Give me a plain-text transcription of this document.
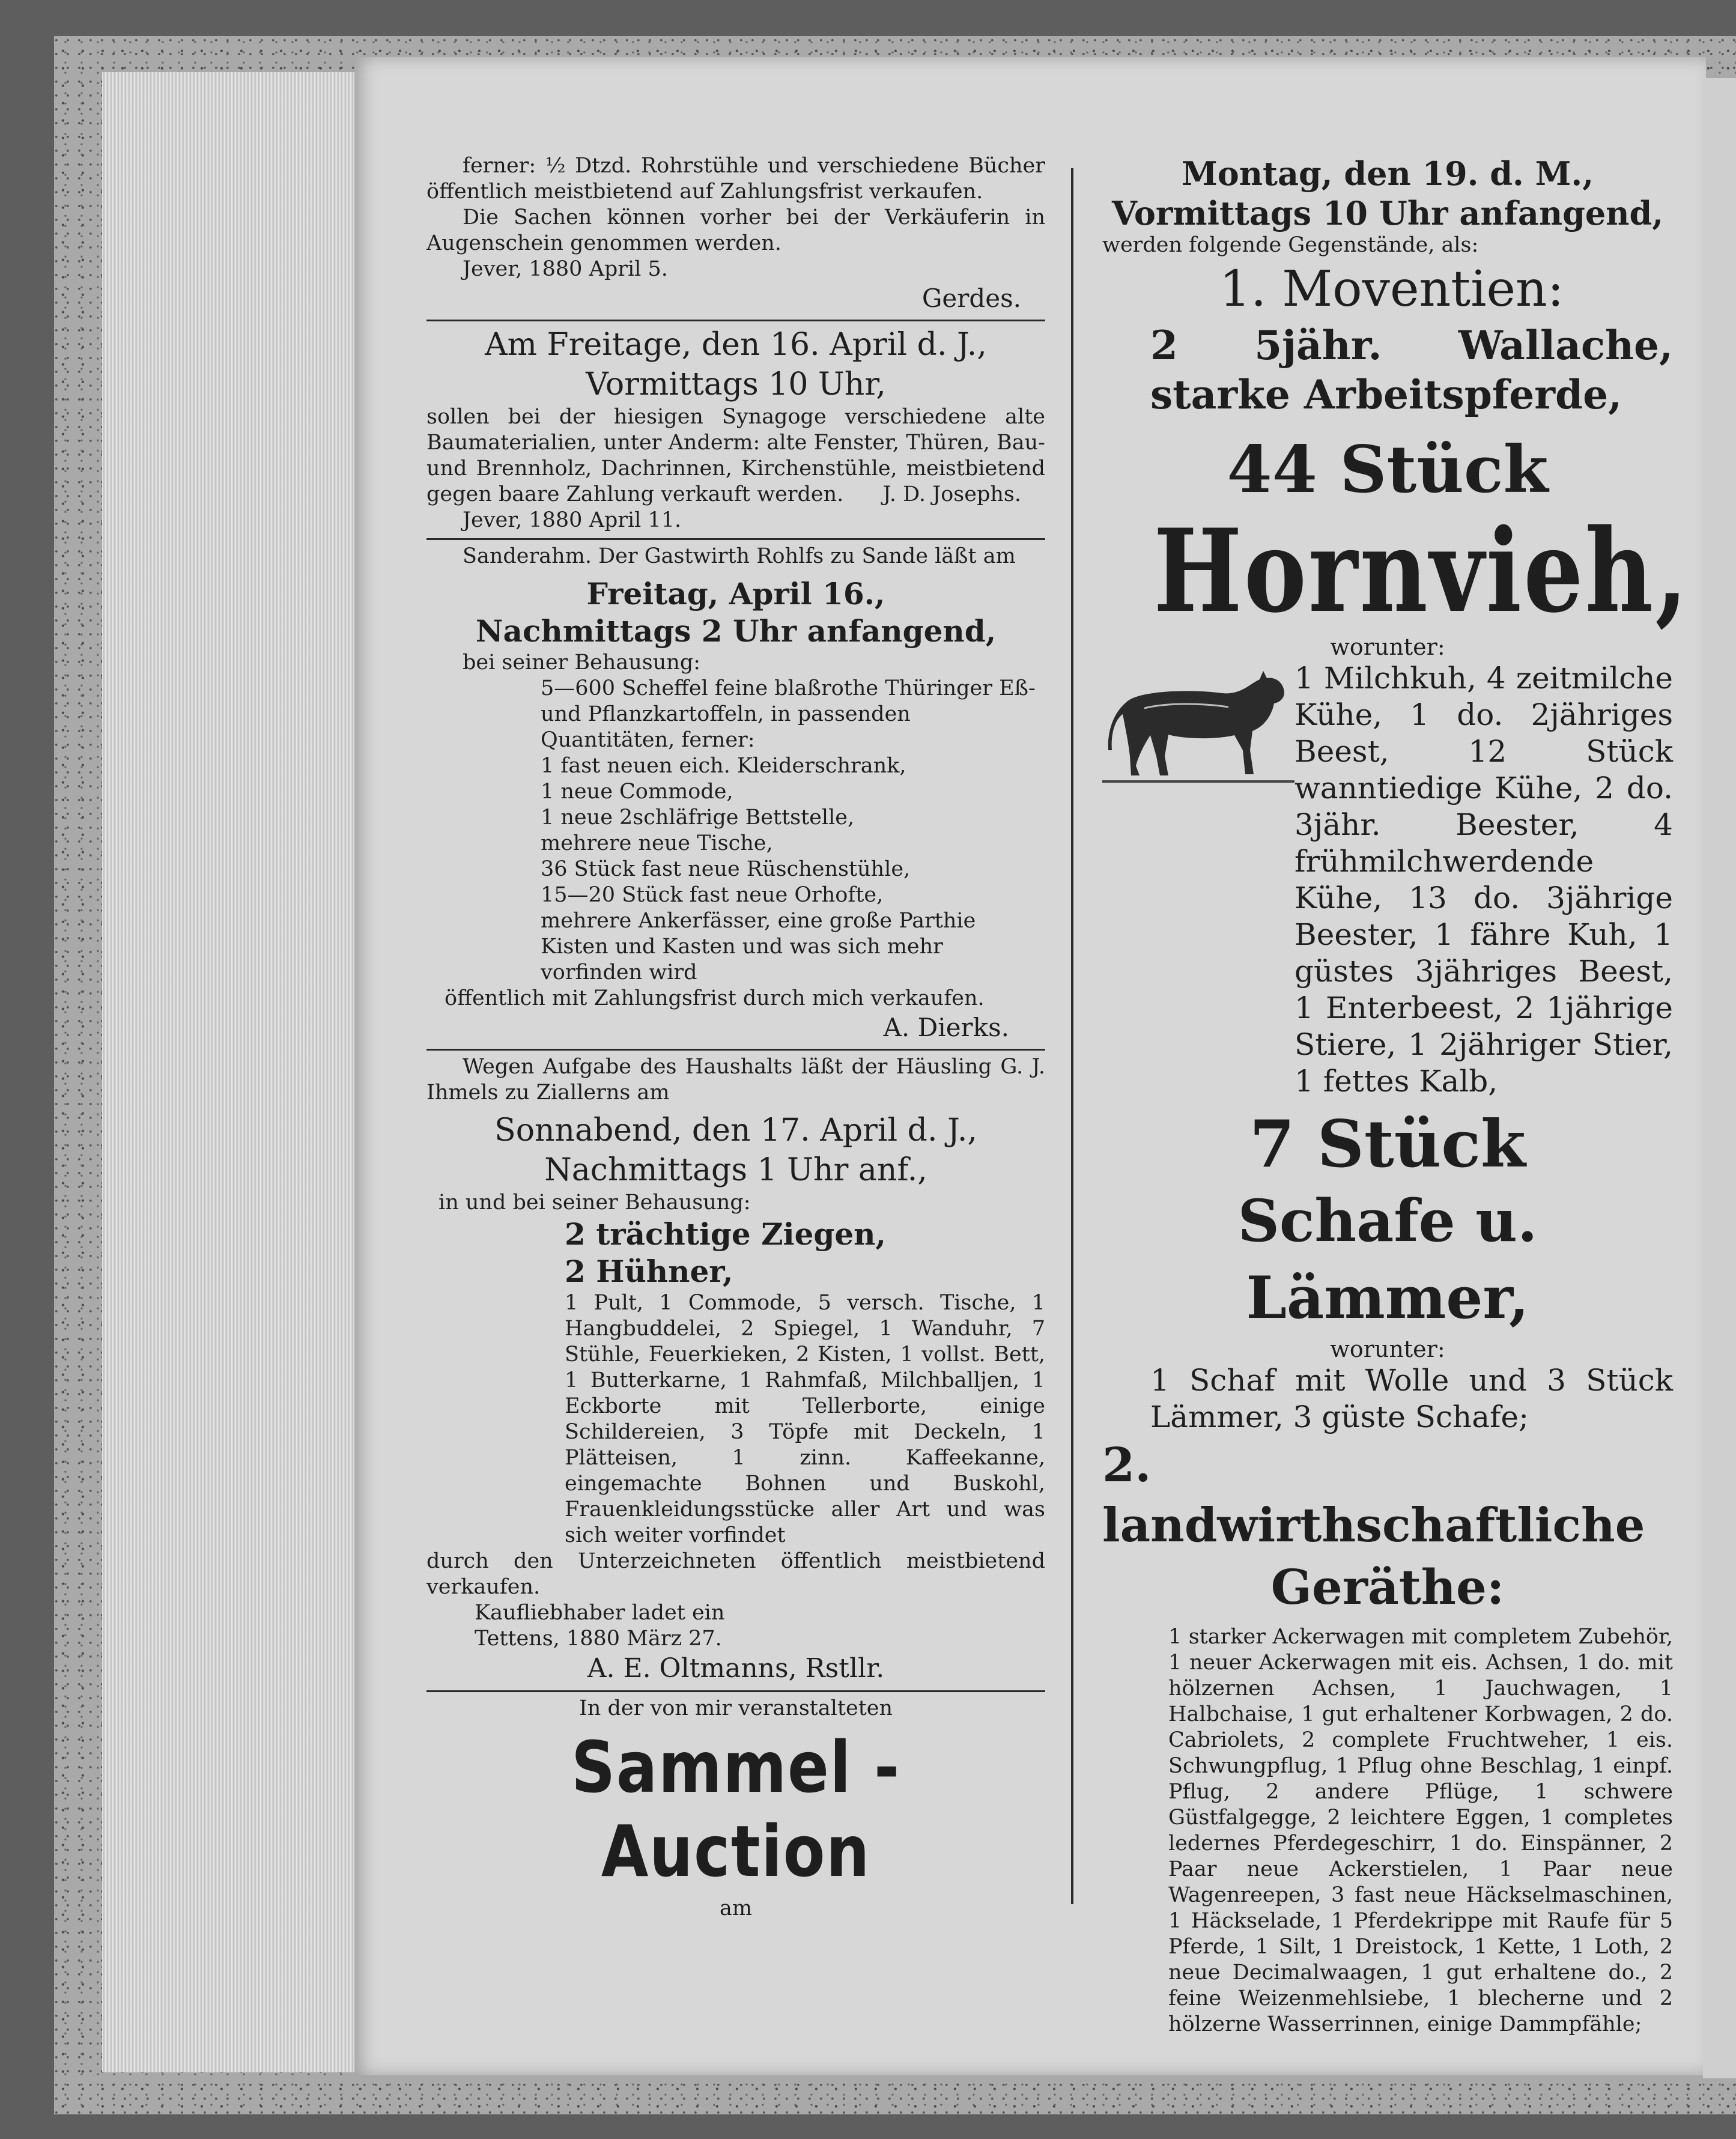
ferner: ½ Dtzd. Rohrstühle und verschiedene Bücher öffentlich meistbietend auf Zahlungsfrist verkaufen.

Die Sachen können vorher bei der Verkäuferin in Augenschein genommen werden.

Jever, 1880 April 5.

Gerdes.

Am Freitage, den 16. April d. J.,

Vormittags 10 Uhr,

sollen bei der hiesigen Synagoge verschiedene alte Baumaterialien, unter Anderm: alte Fenster, Thüren, Bau- und Brennholz, Dachrinnen, Kirchenstühle, meistbietend gegen baare Zahlung verkauft werden.	J. D. Josephs.

Jever, 1880 April 11.

Sanderahm. Der Gastwirth Rohlfs zu Sande läßt am

Freitag, April 16.,

Nachmittags 2 Uhr anfangend,

bei seiner Behausung:

5—600 Scheffel feine blaßrothe Thüringer Eß- und Pflanzkartoffeln, in passenden Quantitäten, ferner:

1 fast neuen eich. Kleiderschrank,

1 neue Commode,

1 neue 2schläfrige Bettstelle,

mehrere neue Tische,

36 Stück fast neue Rüschenstühle,

15—20 Stück fast neue Orhofte,

mehrere Ankerfässer, eine große Parthie Kisten und Kasten und was sich mehr vorfinden wird

öffentlich mit Zahlungsfrist durch mich verkaufen.

A. Dierks.

Wegen Aufgabe des Haushalts läßt der Häusling G. J. Ihmels zu Ziallerns am

Sonnabend, den 17. April d. J.,

Nachmittags 1 Uhr anf.,

in und bei seiner Behausung:

2 trächtige Ziegen,

2 Hühner,

1 Pult, 1 Commode, 5 versch. Tische, 1 Hangbuddelei, 2 Spiegel, 1 Wanduhr, 7 Stühle, Feuerkieken, 2 Kisten, 1 vollst. Bett, 1 Butterkarne, 1 Rahmfaß, Milchballjen, 1 Eckborte mit Tellerborte, einige Schildereien, 3 Töpfe mit Deckeln, 1 Plätteisen, 1 zinn. Kaffeekanne, eingemachte Bohnen und Buskohl, Frauenkleidungsstücke aller Art und was sich weiter vorfindet

durch den Unterzeichneten öffentlich meistbietend verkaufen.

Kaufliebhaber ladet ein

Tettens, 1880 März 27.

A. E. Oltmanns, Rstllr.

In der von mir veranstalteten

Sammel - Auction

am

Montag, den 19. d. M.,

Vormittags 10 Uhr anfangend,

werden folgende Gegenstände, als:

1. Moventien:

2 5jähr. Wallache, starke Arbeitspferde,

44 Stück

Hornvieh,

worunter:

1 Milchkuh, 4 zeitmilche Kühe, 1 do. 2jähriges Beest, 12 Stück wanntiedige Kühe, 2 do. 3jähr. Beester, 4 frühmilchwerdende Kühe, 13 do. 3jährige Beester, 1 fähre Kuh, 1 güstes 3jähriges Beest, 1 Enterbeest, 2 1jährige Stiere, 1 2jähriger Stier, 1 fettes Kalb,

7 Stück

Schafe u. Lämmer,

worunter:

1 Schaf mit Wolle und 3 Stück Lämmer, 3 güste Schafe;

2. landwirthschaftliche

Geräthe:

1 starker Ackerwagen mit completem Zubehör, 1 neuer Ackerwagen mit eis. Achsen, 1 do. mit hölzernen Achsen, 1 Jauchwagen, 1 Halbchaise, 1 gut erhaltener Korbwagen, 2 do. Cabriolets, 2 complete Fruchtweher, 1 eis. Schwungpflug, 1 Pflug ohne Beschlag, 1 einpf. Pflug, 2 andere Pflüge, 1 schwere Güstfalgegge, 2 leichtere Eggen, 1 completes ledernes Pferdegeschirr, 1 do. Einspänner, 2 Paar neue Ackerstielen, 1 Paar neue Wagenreepen, 3 fast neue Häckselmaschinen, 1 Häckselade, 1 Pferdekrippe mit Raufe für 5 Pferde, 1 Silt, 1 Dreistock, 1 Kette, 1 Loth, 2 neue Decimalwaagen, 1 gut erhaltene do., 2 feine Weizenmehlsiebe, 1 blecherne und 2 hölzerne Wasserrinnen, einige Dammpfähle;
